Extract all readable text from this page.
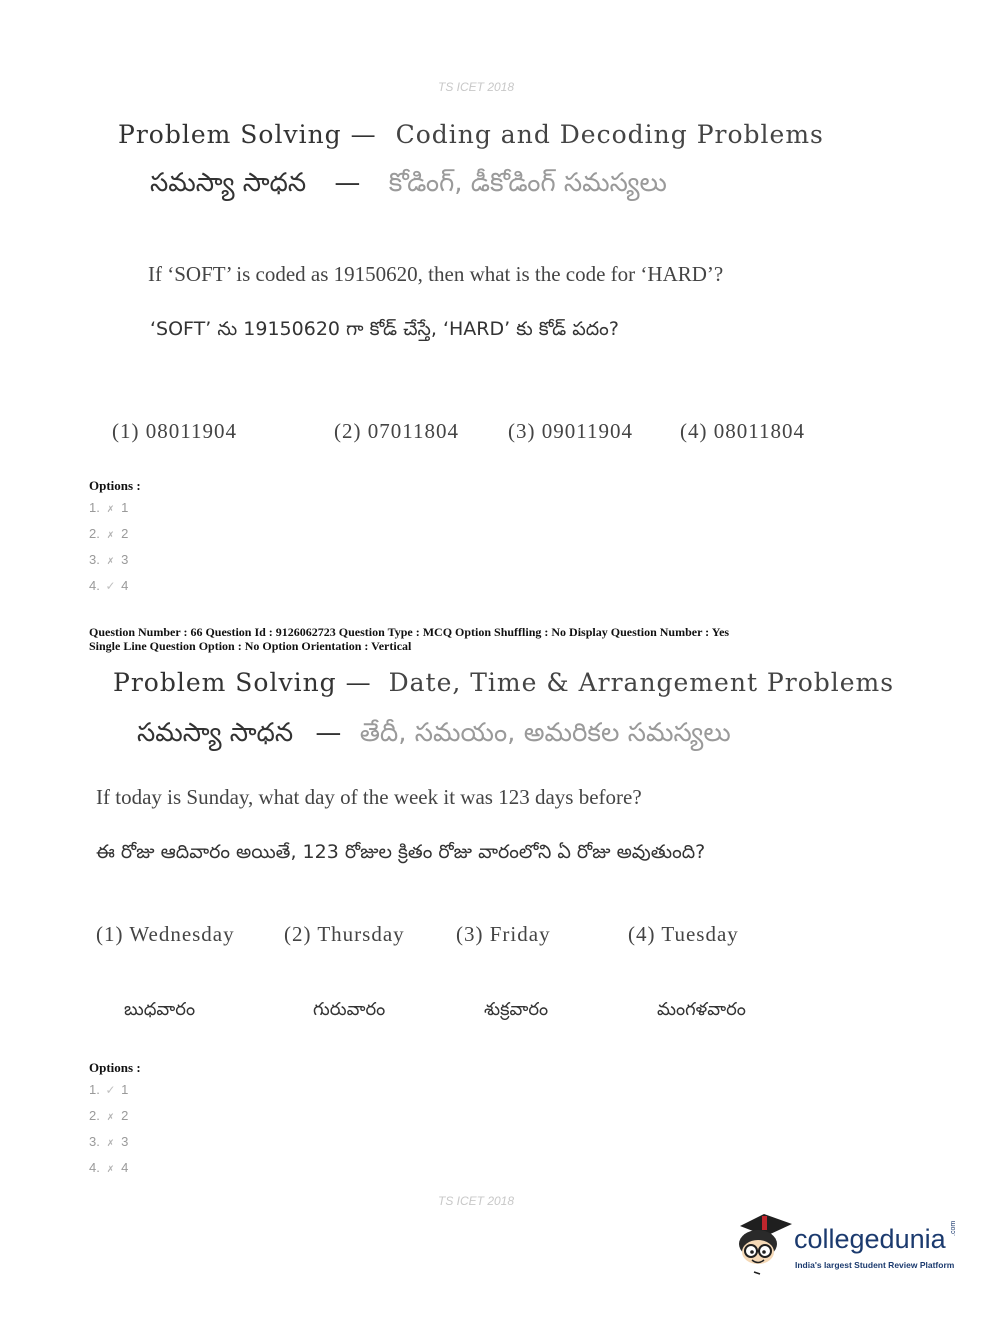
TS ICET 2018
Problem Solving — Coding and Decoding Problems
సమస్యా సాధన — కోడింగ్, డీకోడింగ్ సమస్యలు
If ‘SOFT’ is coded as 19150620, then what is the code for ‘HARD’?
‘SOFT’ ను 19150620 గా కోడ్ చేస్తే, ‘HARD’ కు కోడ్ పదం?
(1) 08011904	(2) 07011804 (3) 09011904 (4) 08011804
Options :
1. ✗ 1
2. ✗ 2
3. ✗ 3
4. ✓ 4
Question Number : 66 Question Id : 9126062723 Question Type : MCQ Option Shuffling : No Display Question Number : Yes
Single Line Question Option : No Option Orientation : Vertical
Problem Solving — Date, Time & Arrangement Problems
సమస్యా సాధన — తేదీ, సమయం, అమరికల సమస్యలు
If today is Sunday, what day of the week it was 123 days before?
ఈ రోజు ఆదివారం అయితే, 123 రోజుల క్రితం రోజు వారంలోని ఏ రోజు అవుతుంది?
(1) Wednesday (2) Thursday (3) Friday	(4) Tuesday
బుధవారం	గురువారం	శుక్రవారం	మంగళవారం
Options :
1. ✓ 1
2. ✗ 2
3. ✗ 3
4. ✗ 4
TS ICET 2018
collegedunia .com
India's largest Student Review Platform
